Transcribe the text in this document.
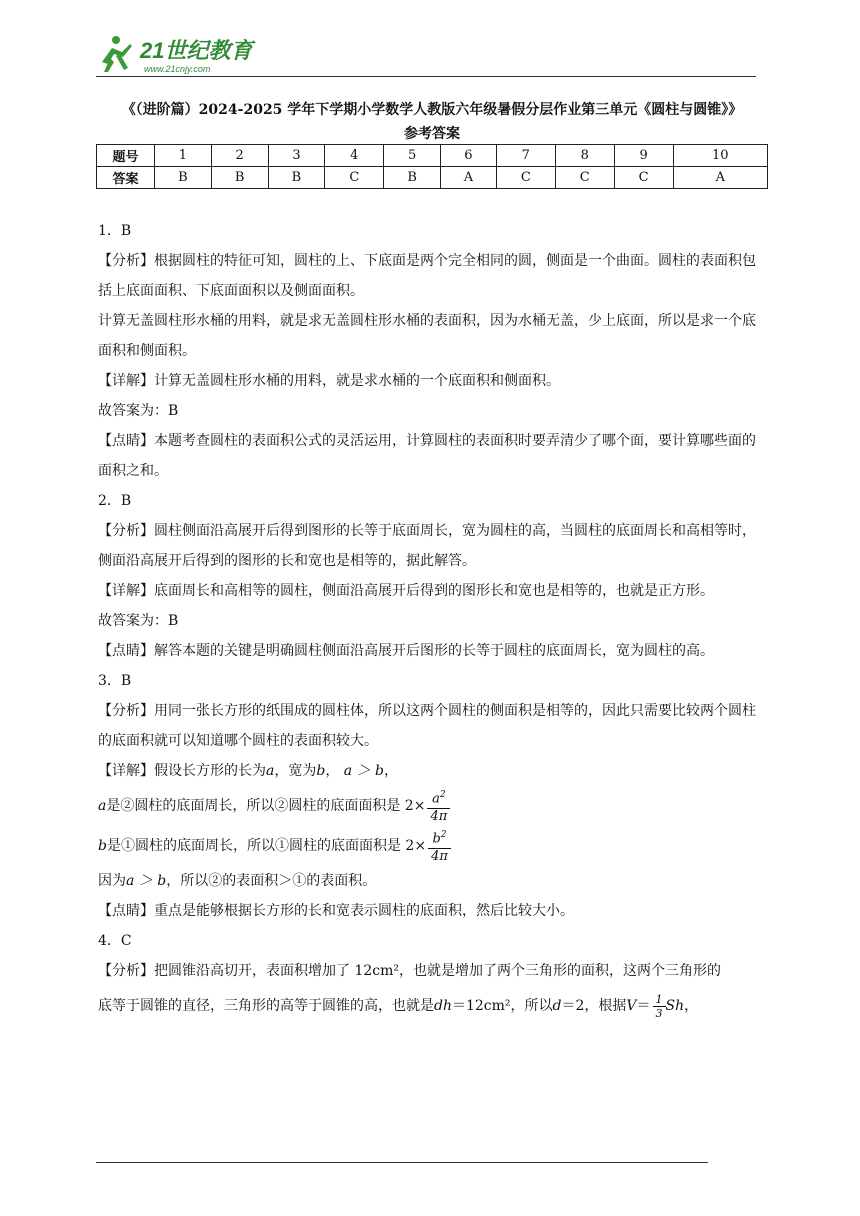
21世纪教育
www.21cnjy.com
《（进阶篇）2024-2025 学年下学期小学数学人教版六年级暑假分层作业第三单元《圆柱与圆锥》》
参考答案
题号	1	2	3	4	5	6	7	8	9	10
答案	B	B	B	C	B	A	C	C	C	A

1．B

【分析】根据圆柱的特征可知，圆柱的上、下底面是两个完全相同的圆，侧面是一个曲面。圆柱的表面积包括上底面面积、下底面面积以及侧面面积。

计算无盖圆柱形水桶的用料，就是求无盖圆柱形水桶的表面积，因为水桶无盖，少上底面，所以是求一个底面积和侧面积。

【详解】计算无盖圆柱形水桶的用料，就是求水桶的一个底面积和侧面积。

故答案为：B

【点睛】本题考查圆柱的表面积公式的灵活运用，计算圆柱的表面积时要弄清少了哪个面，要计算哪些面的面积之和。

2．B

【分析】圆柱侧面沿高展开后得到图形的长等于底面周长，宽为圆柱的高，当圆柱的底面周长和高相等时，侧面沿高展开后得到的图形的长和宽也是相等的，据此解答。

【详解】底面周长和高相等的圆柱，侧面沿高展开后得到的图形长和宽也是相等的，也就是正方形。

故答案为：B

【点睛】解答本题的关键是明确圆柱侧面沿高展开后图形的长等于圆柱的底面周长，宽为圆柱的高。

3．B

【分析】用同一张长方形的纸围成的圆柱体，所以这两个圆柱的侧面积是相等的，因此只需要比较两个圆柱的底面积就可以知道哪个圆柱的表面积较大。

【详解】假设长方形的长为a，宽为b， a ＞ b，

a是②圆柱的底面周长，所以②圆柱的底面面积是 $2\times \frac{a^2}{4\pi}$

b是①圆柱的底面周长，所以①圆柱的底面面积是 $2\times \frac{b^2}{4\pi}$

因为a ＞ b，所以②的表面积＞①的表面积。

【点睛】重点是能够根据长方形的长和宽表示圆柱的底面积，然后比较大小。

4．C

【分析】把圆锥沿高切开，表面积增加了 12cm²，也就是增加了两个三角形的面积，这两个三角形的

底等于圆锥的直径，三角形的高等于圆锥的高，也就是dh＝12cm²，所以d＝2，根据$V= \frac{1}{3}$ Sh，
